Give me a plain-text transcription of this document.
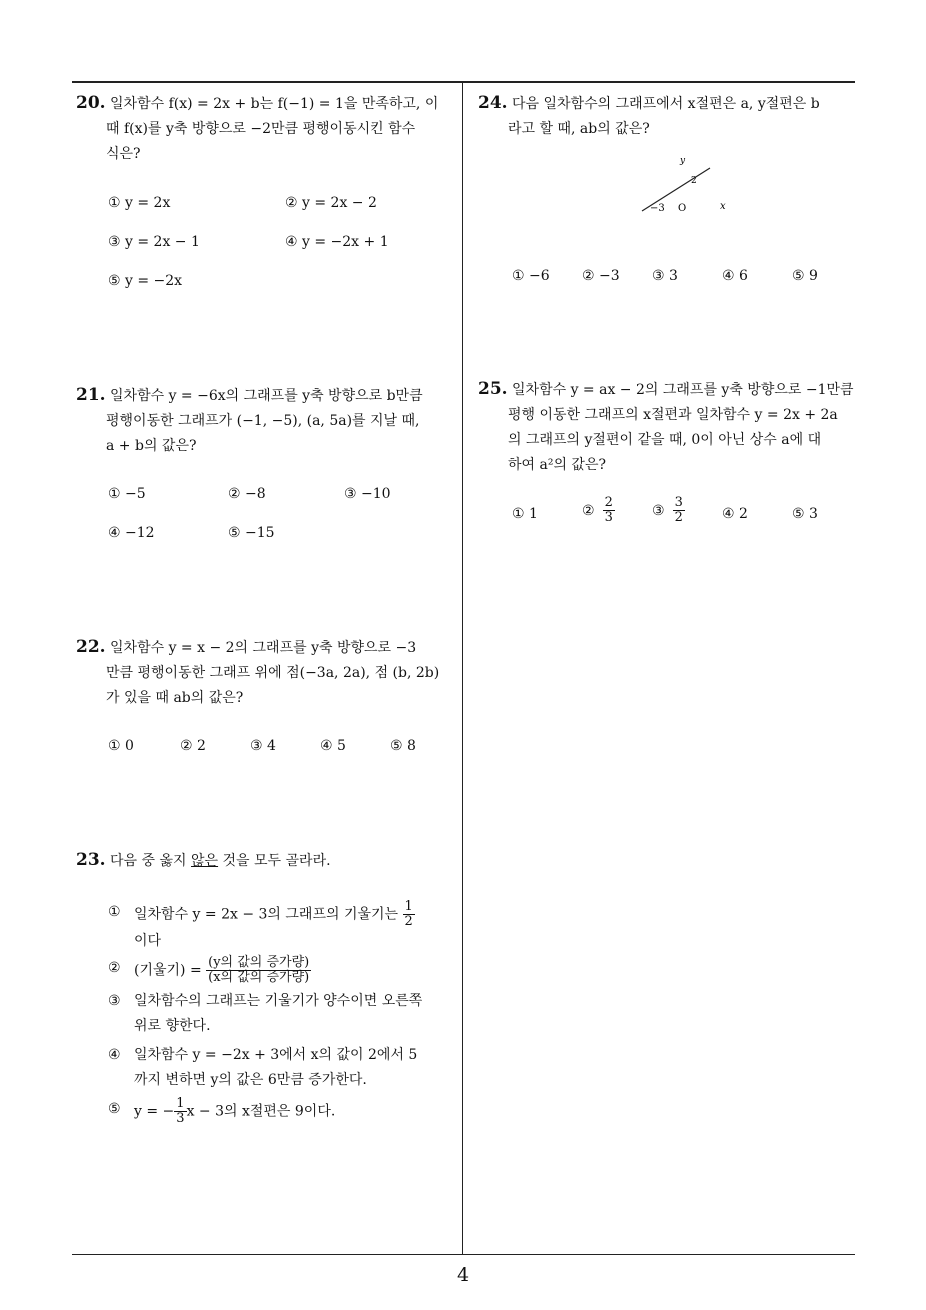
20. 일차함수 f(x) = 2x + b는 f(−1) = 1을 만족하고, 이
때 f(x)를 y축 방향으로 −2만큼 평행이동시킨 함수
식은?
① y = 2x	② y = 2x − 2
③ y = 2x − 1	④ y = −2x + 1
⑤ y = −2x
21. 일차함수 y = −6x의 그래프를 y축 방향으로 b만큼
평행이동한 그래프가 (−1, −5), (a, 5a)를 지날 때,
a + b의 값은?
① −5	② −8	③ −10
④ −12	⑤ −15
22. 일차함수 y = x − 2의 그래프를 y축 방향으로 −3
만큼 평행이동한 그래프 위에 점(−3a, 2a), 점 (b, 2b)
가 있을 때 ab의 값은?
① 0	② 2	③ 4	④ 5	⑤ 8
23. 다음 중 옳지 않은 것을 모두 골라라.
① 일차함수 y = 2x − 3의 그래프의 기울기는 $\frac{1}{2}$

이다
② (기울기) = $\frac{\text{(y의 값의 증가량)}}{\text{(x의 값의 증가량)}}$
③ 일차함수의 그래프는 기울기가 양수이면 오른쪽
위로 향한다.
④ 일차함수 y = −2x + 3에서 x의 값이 2에서 5
까지 변하면 y의 값은 6만큼 증가한다.
⑤ y = − $\frac{1}{3}$ x − 3의 x절편은 9이다.
24. 다음 일차함수의 그래프에서 x절편은 a, y절편은 b
라고 할 때, ab의 값은?
y
2
−3 O	x
① −6 ② −3 ③ 3	④ 6	⑤ 9
25. 일차함수 y = ax − 2의 그래프를 y축 방향으로 −1만큼
평행 이동한 그래프의 x절편과 일차함수 y = 2x + 2a
의 그래프의 y절편이 같을 때, 0이 아닌 상수 a에 대
하여 a²의 값은?
① 1	② $\frac{2}{3}$	③ $\frac{3}{2}$	④ 2	⑤ 3
4
